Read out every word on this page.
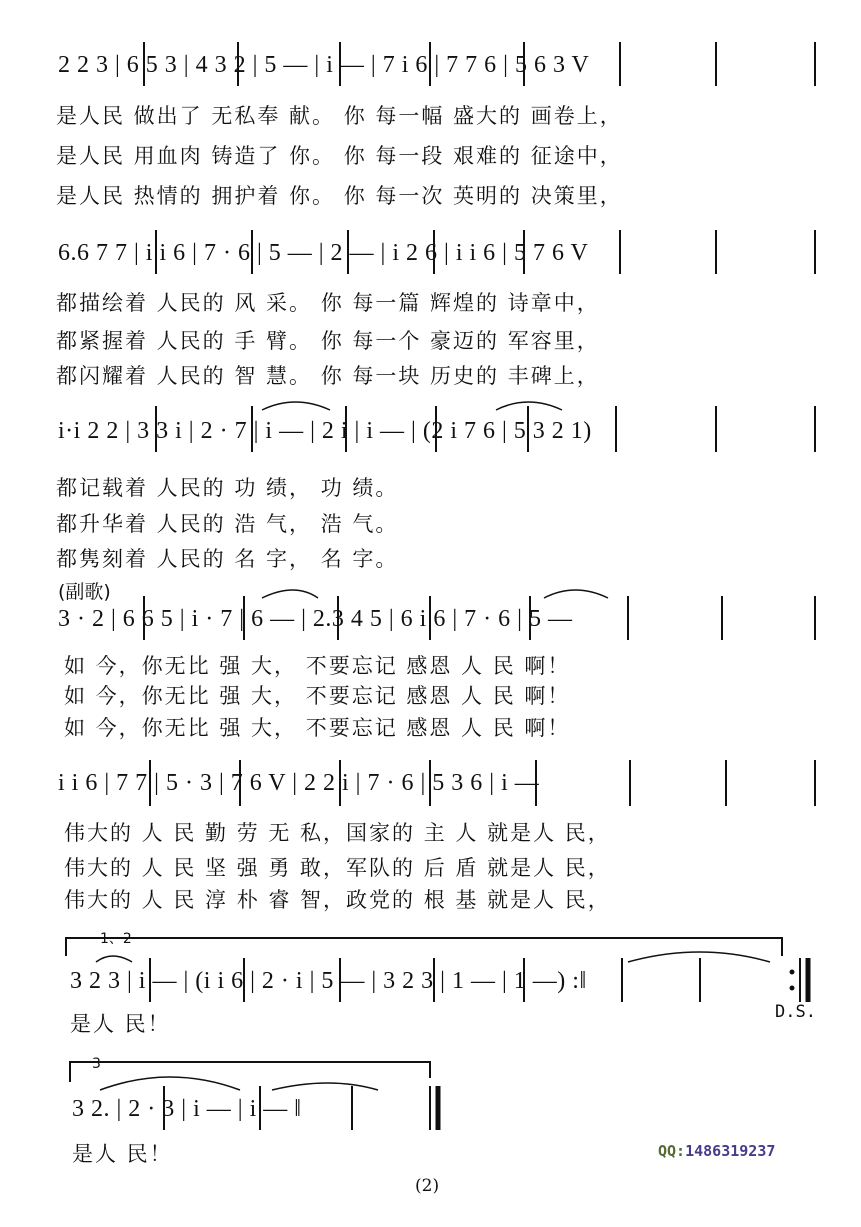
2 2 3 | 6 5 3 | 4 3 2 | 5 — | i — | 7 i 6 | 7 7 6 | 5 6 3 V
是人民 做出了 无私奉 献。 你 每一幅 盛大的 画卷上，
是人民 用血肉 铸造了 你。 你 每一段 艰难的 征途中，
是人民 热情的 拥护着 你。 你 每一次 英明的 决策里，
6.6 7 7 | i i 6 | 7 · 6 | 5 — | 2 — | i 2 6 | i i 6 | 5 7 6 V
都描绘着 人民的 风 采。 你 每一篇 辉煌的 诗章中，
都紧握着 人民的 手 臂。 你 每一个 豪迈的 军容里，
都闪耀着 人民的 智 慧。 你 每一块 历史的 丰碑上，
i·i 2 2 | 3 3 i | 2 · 7 | i — | 2 i | i — | (2 i 7 6 | 5 3 2 1)
都记载着 人民的 功 绩， 功 绩。
都升华着 人民的 浩 气， 浩 气。
都隽刻着 人民的 名 字， 名 字。
(副歌)
3 · 2 | 6 6 5 | i · 7 | 6 — | 2.3 4 5 | 6 i 6 | 7 · 6 | 5 —
如 今，你无比 强 大， 不要忘记 感恩 人 民 啊！
如 今，你无比 强 大， 不要忘记 感恩 人 民 啊！
如 今，你无比 强 大， 不要忘记 感恩 人 民 啊！
i i 6 | 7 7 | 5 · 3 | 7 6 V | 2 2 i | 7 · 6 | 5 3 6 | i —
伟大的 人 民 勤 劳 无 私，国家的 主 人 就是人 民，
伟大的 人 民 坚 强 勇 敢，军队的 后 盾 就是人 民，
伟大的 人 民 淳 朴 睿 智，政党的 根 基 就是人 民，
1、2
3 2 3 | i — | (i i 6 | 2 · i | 5 — | 3 2 3 | 1 — | 1 —) :‖
是人 民！	D.S.
3
3 2. | 2 · 3 | i — | i — ‖
是人 民！	QQ:1486319237
(2)
